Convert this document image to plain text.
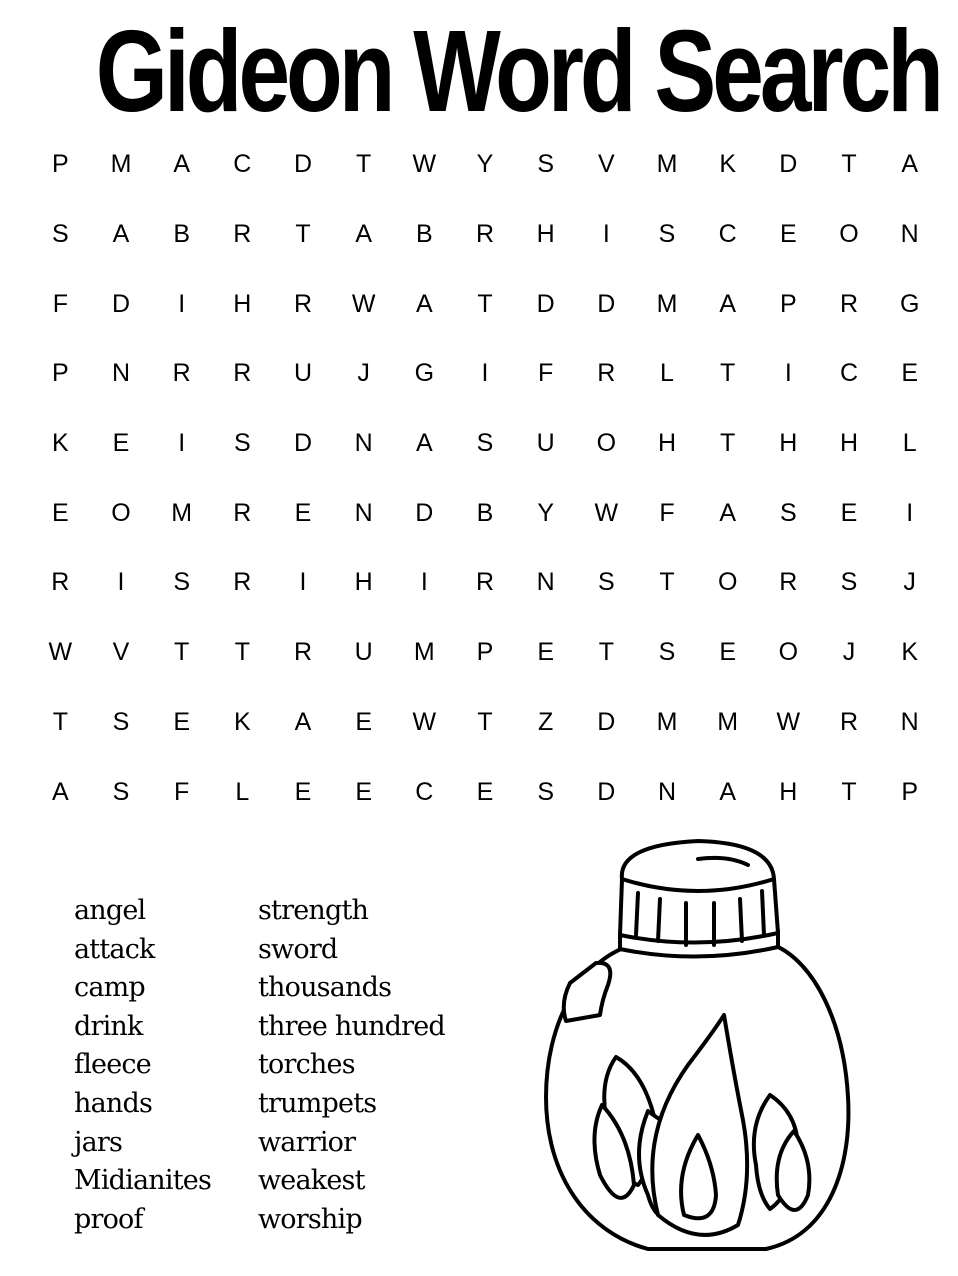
Gideon Word Search
P	M	A	C	D	T	W	Y	S	V	M	K	D	T	A
S	A	B	R	T	A	B	R	H	I	S	C	E	O	N
F	D	I	H	R	W	A	T	D	D	M	A	P	R	G
P	N	R	R	U	J	G	I	F	R	L	T	I	C	E
K	E	I	S	D	N	A	S	U	O	H	T	H	H	L
E	O	M	R	E	N	D	B	Y	W	F	A	S	E	I
R	I	S	R	I	H	I	R	N	S	T	O	R	S	J
W	V	T	T	R	U	M	P	E	T	S	E	O	J	K
T	S	E	K	A	E	W	T	Z	D	M	M	W	R	N
A	S	F	L	E	E	C	E	S	D	N	A	H	T	P
angel
attack
camp
drink
fleece
hands
jars
Midianites
proof
strength
sword
thousands
three hundred
torches
trumpets
warrior
weakest
worship
